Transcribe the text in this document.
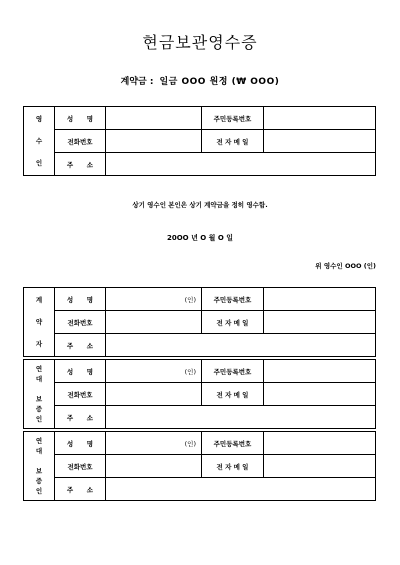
현금보관영수증
계약금 : 일금 OOO 원정 (₩ OOO)
영

수

인	성      명		주민등록번호	
	전화번호		전 자 메 일	
	주      소			
상기 영수인 본인은 상기 계약금을 정히 영수함.
20OO 년 O 월 O 일
위 영수인 OOO (인)
계

약

자	성      명	(인)	주민등록번호	
	전화번호		전 자 메 일	
	주      소			
연
대

보
증
인	성      명	(인)	주민등록번호	
	전화번호		전 자 메 일	
	주      소			
연
대

보
증
인	성      명	(인)	주민등록번호	
	전화번호		전 자 메 일	
	주      소			
